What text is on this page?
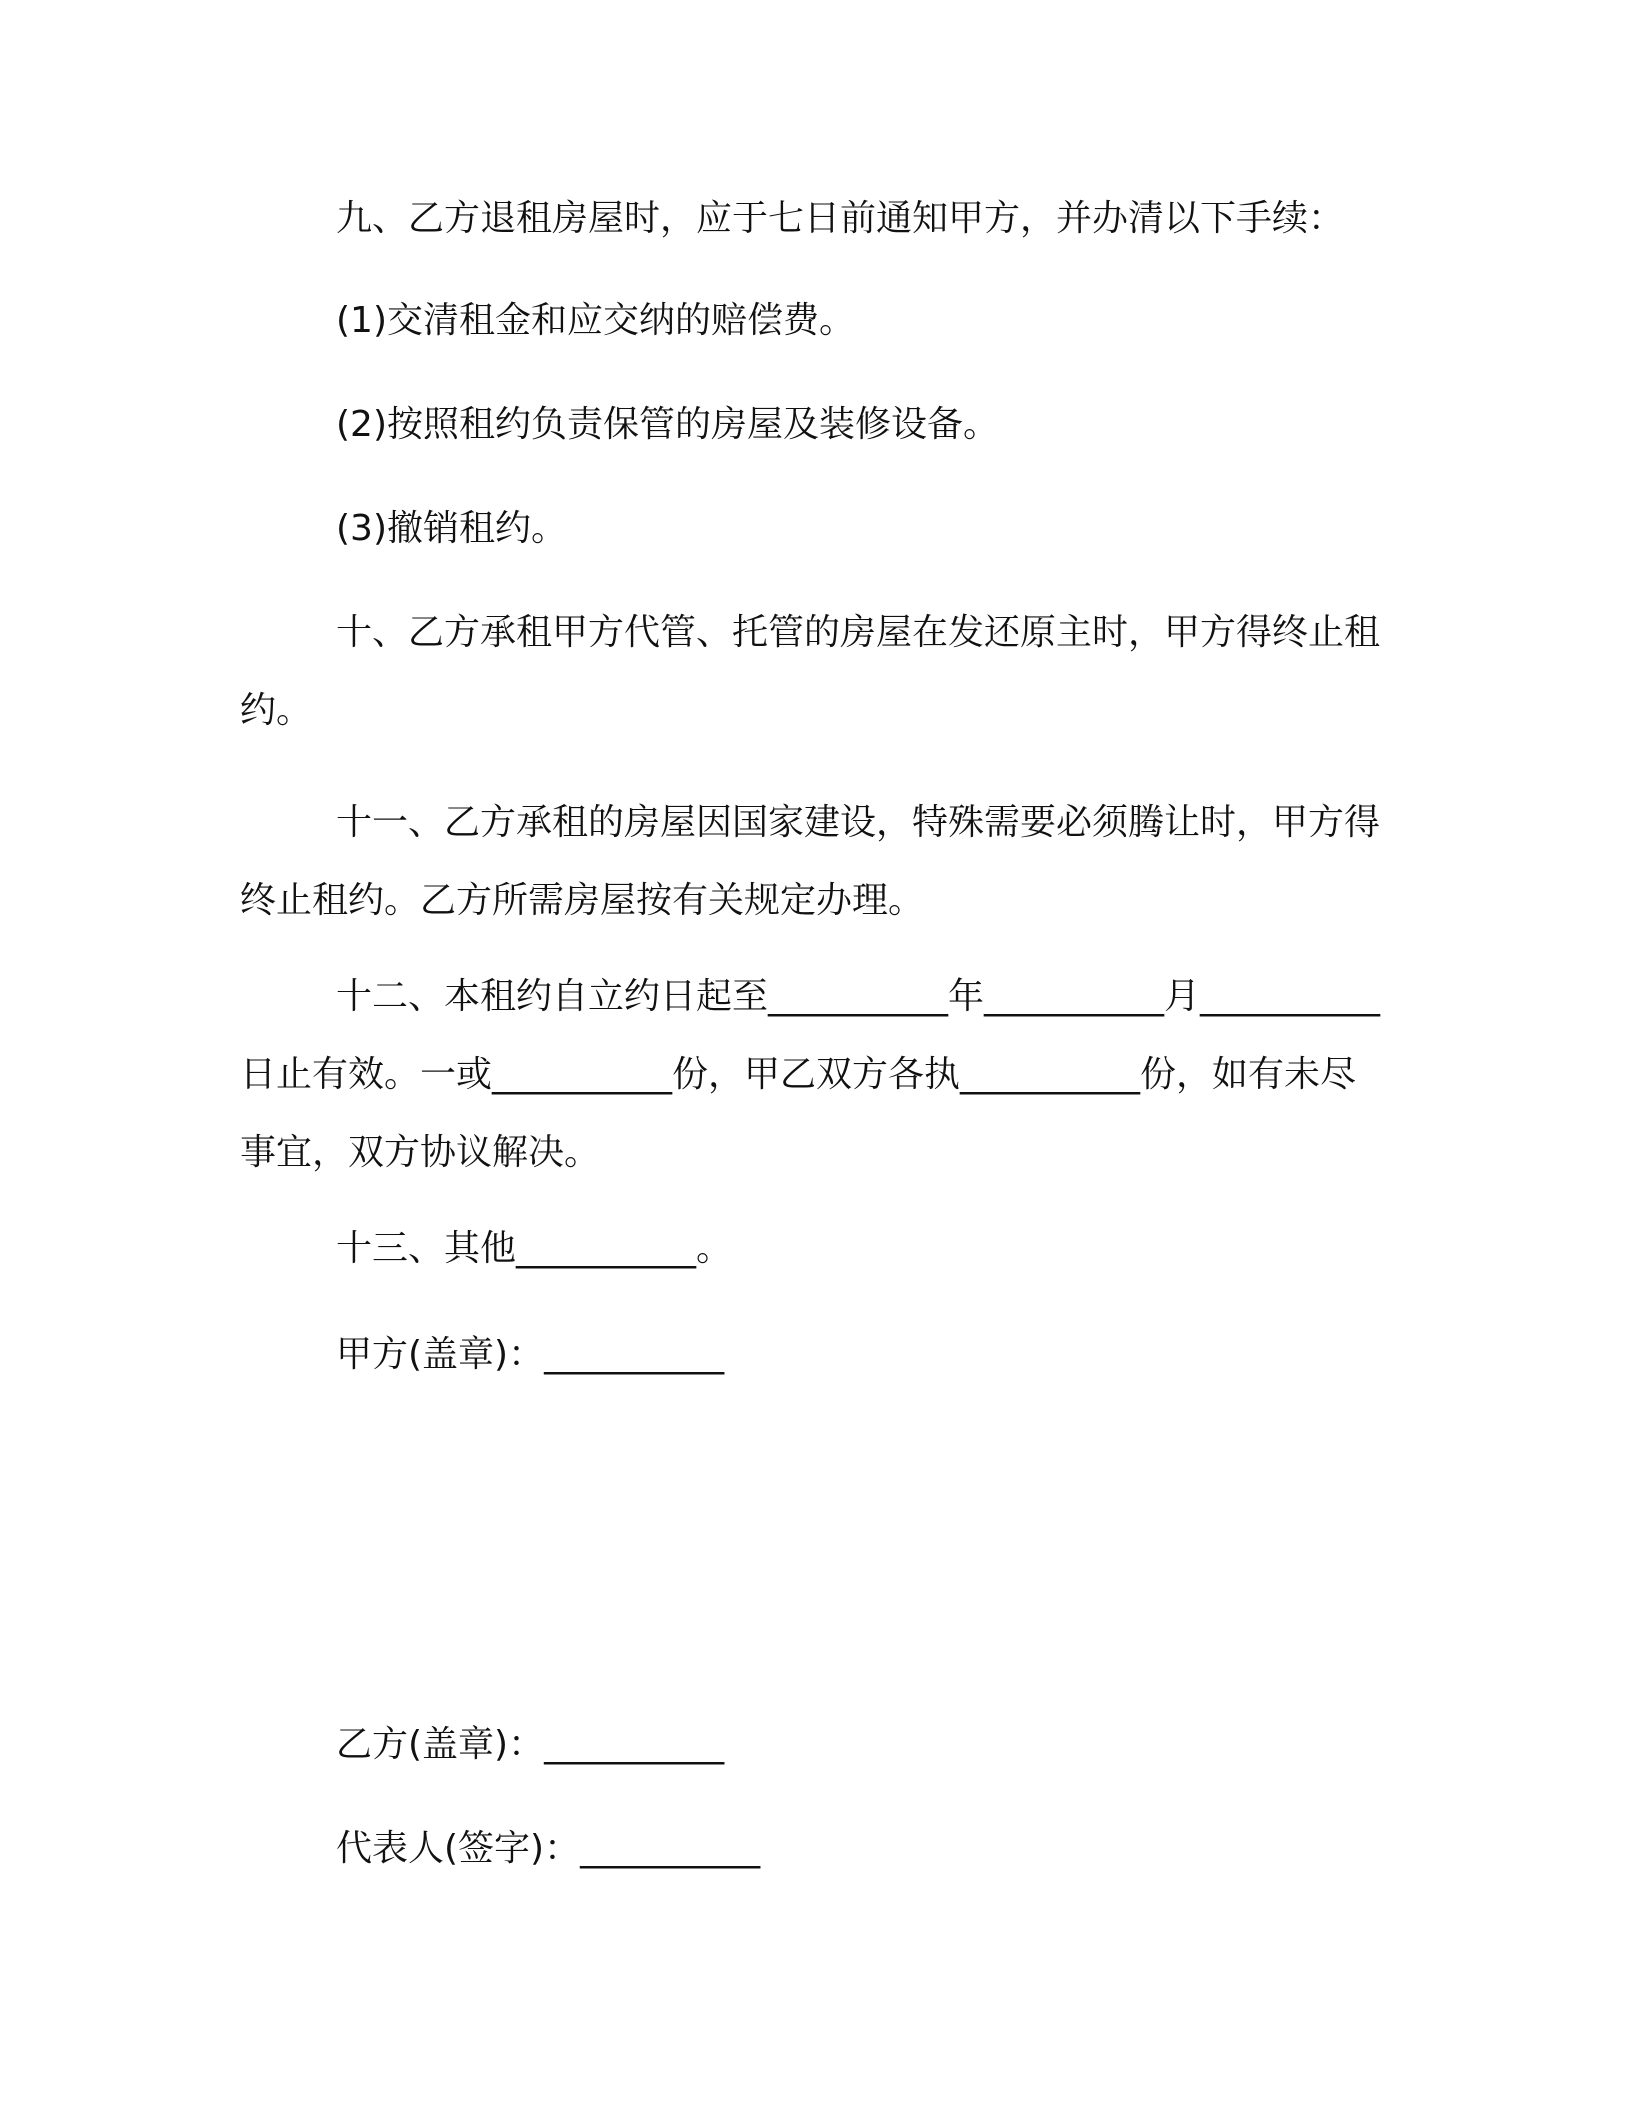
九、乙方退租房屋时，应于七日前通知甲方，并办清以下手续：

(1)交清租金和应交纳的赔偿费。

(2)按照租约负责保管的房屋及装修设备。

(3)撤销租约。

十、乙方承租甲方代管、托管的房屋在发还原主时，甲方得终止租约。

十一、乙方承租的房屋因国家建设，特殊需要必须腾让时，甲方得终止租约。乙方所需房屋按有关规定办理。

十二、本租约自立约日起至__________年__________月__________日止有效。一或__________份，甲乙双方各执__________份，如有未尽事宜，双方协议解决。

十三、其他__________。

甲方(盖章)：__________

乙方(盖章)：__________

代表人(签字)：__________
